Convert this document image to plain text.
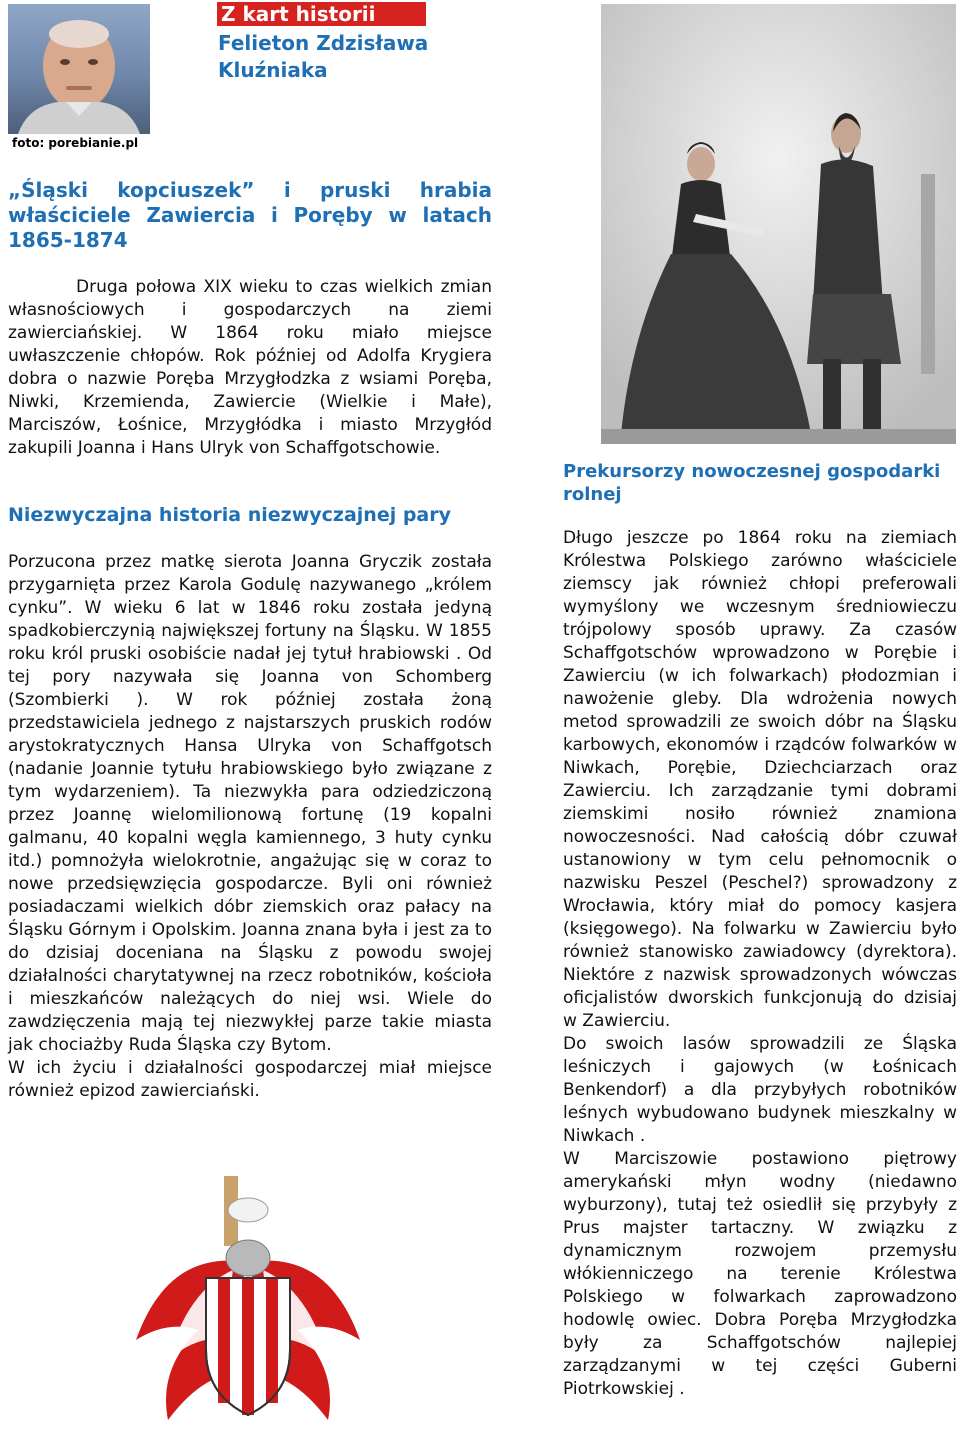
foto: porebianie.pl
Z kart historii
Felieton Zdzisława
Kluźniaka
„Śląski kopciuszek” i pruski hrabia właściciele Zawiercia i Poręby w latach 1865-1874

Druga połowa XIX wieku to czas wielkich zmian własnościowych i gospodarczych na ziemi zawierciańskiej. W 1864 roku miało miejsce uwłaszczenie chłopów. Rok później od Adolfa Krygiera dobra o nazwie Poręba Mrzygłodzka z wsiami Poręba, Niwki, Krzemienda, Zawiercie (Wielkie i Małe), Marciszów, Łośnice, Mrzygłódka i miasto Mrzygłód zakupili Joanna i Hans Ulryk von Schaffgotschowie.

Niezwyczajna historia niezwyczajnej pary

Porzucona przez matkę sierota Joanna Gryczik została przygarnięta przez Karola Godulę nazywanego „królem cynku”. W wieku 6 lat w 1846 roku została jedyną spadkobierczynią największej fortuny na Śląsku. W 1855 roku król pruski osobiście nadał jej tytuł hrabiowski . Od tej pory nazywała się Joanna von Schomberg (Szombierki ). W rok później została żoną przedstawiciela jednego z najstarszych pruskich rodów arystokratycznych Hansa Ulryka von Schaffgotsch (nadanie Joannie tytułu hrabiowskiego było związane z tym wydarzeniem). Ta niezwykła para odziedziczoną przez Joannę wielomilionową fortunę (19 kopalni galmanu, 40 kopalni węgla kamiennego, 3 huty cynku itd.) pomnożyła wielokrotnie, angażując się w coraz to nowe przedsięwzięcia gospodarcze. Byli oni również posiadaczami wielkich dóbr ziemskich oraz pałacy na Śląsku Górnym i Opolskim. Joanna znana była i jest za to do dzisiaj doceniana na Śląsku z powodu swojej działalności charytatywnej na rzecz robotników, kościoła i mieszkańców należących do niej wsi. Wiele do zawdzięczenia mają tej niezwykłej parze takie miasta jak chociażby Ruda Śląska czy Bytom.

W ich życiu i działalności gospodarczej miał miejsce również epizod zawierciański.

Prekursorzy nowoczesnej gospodarki rolnej

Długo jeszcze po 1864 roku na ziemiach Królestwa Polskiego zarówno właściciele ziemscy jak również chłopi preferowali wymyślony we wczesnym średniowieczu trójpolowy sposób uprawy. Za czasów Schaffgotschów wprowadzono w Porębie i Zawierciu (w ich folwarkach) płodozmian i nawożenie gleby. Dla wdrożenia nowych metod sprowadzili ze swoich dóbr na Śląsku karbowych, ekonomów i rządców folwarków w Niwkach, Porębie, Dziechciarzach oraz Zawierciu. Ich zarządzanie tymi dobrami ziemskimi nosiło również znamiona nowoczesności. Nad całością dóbr czuwał ustanowiony w tym celu pełnomocnik o nazwisku Peszel (Peschel?) sprowadzony z Wrocławia, który miał do pomocy kasjera (księgowego). Na folwarku w Zawierciu było również stanowisko zawiadowcy (dyrektora). Niektóre z nazwisk sprowadzonych wówczas oficjalistów dworskich funkcjonują do dzisiaj w Zawierciu.

Do swoich lasów sprowadzili ze Śląska leśniczych i gajowych (w Łośnicach Benkendorf) a dla przybyłych robotników leśnych wybudowano budynek mieszkalny w Niwkach .

W Marciszowie postawiono piętrowy amerykański młyn wodny (niedawno wyburzony), tutaj też osiedlił się przybyły z Prus majster tartaczny. W związku z dynamicznym rozwojem przemysłu włókienniczego na terenie Królestwa Polskiego w folwarkach zaprowadzono hodowlę owiec. Dobra Poręba Mrzygłodzka były za Schaffgotschów najlepiej zarządzanymi w tej części Guberni Piotrkowskiej .
